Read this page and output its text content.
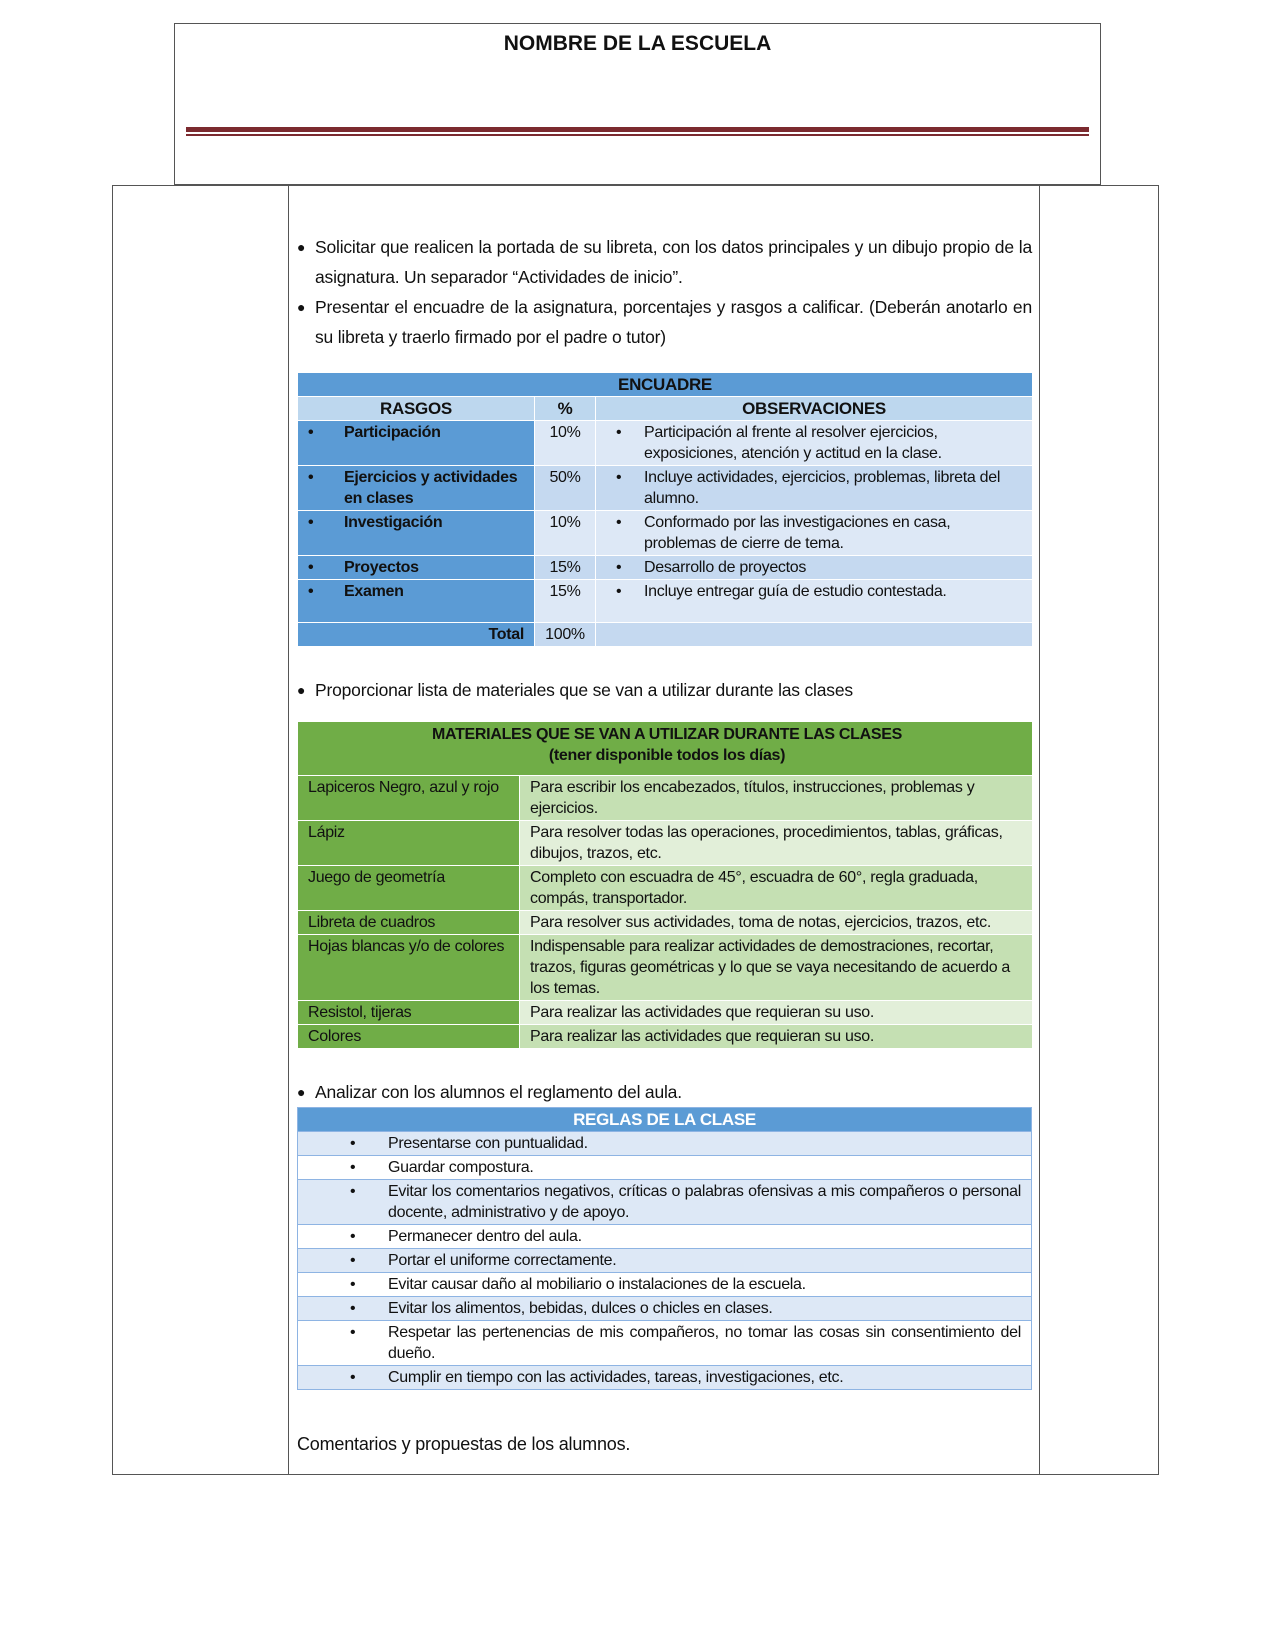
NOMBRE DE LA ESCUELA
● Solicitar que realicen la portada de su libreta, con los datos principales y un dibujo propio de la asignatura. Un separador “Actividades de inicio”.
● Presentar el encuadre de la asignatura, porcentajes y rasgos a calificar. (Deberán anotarlo en su libreta y traerlo firmado por el padre o tutor)
ENCUADRE		
RASGOS	%	OBSERVACIONES

• Participación	10%	• Participación al frente al resolver ejercicios, exposiciones, atención y actitud en la clase.

• Ejercicios y actividades en clases	50%	• Incluye actividades, ejercicios, problemas, libreta del alumno.

• Investigación	10%	• Conformado por las investigaciones en casa, problemas de cierre de tema.

• Proyectos	15%	• Desarrollo de proyectos

• Examen	15%	• Incluye entregar guía de estudio contestada.

Total	100%	
● Proporcionar lista de materiales que se van a utilizar durante las clases
MATERIALES QUE SE VAN A UTILIZAR DURANTE LAS CLASES
(tener disponible todos los días)	

Lapiceros Negro, azul y rojo	Para escribir los encabezados, títulos, instrucciones, problemas y ejercicios.
Lápiz	Para resolver todas las operaciones, procedimientos, tablas, gráficas, dibujos, trazos, etc.
Juego de geometría	Completo con escuadra de 45°, escuadra de 60°, regla graduada, compás, transportador.
Libreta de cuadros	Para resolver sus actividades, toma de notas, ejercicios, trazos, etc.
Hojas blancas y/o de colores	Indispensable para realizar actividades de demostraciones, recortar, trazos, figuras geométricas y lo que se vaya necesitando de acuerdo a los temas.
Resistol, tijeras	Para realizar las actividades que requieran su uso.
Colores	Para realizar las actividades que requieran su uso.
● Analizar con los alumnos el reglamento del aula.
REGLAS DE LA CLASE

•	Presentarse con puntualidad.

•	Guardar compostura.

•	Evitar los comentarios negativos, críticas o palabras ofensivas a mis compañeros o personal docente, administrativo y de apoyo.

•	Permanecer dentro del aula.

•	Portar el uniforme correctamente.

•	Evitar causar daño al mobiliario o instalaciones de la escuela.

•	Evitar los alimentos, bebidas, dulces o chicles en clases.

•	Respetar las pertenencias de mis compañeros, no tomar las cosas sin consentimiento del dueño.

•	Cumplir en tiempo con las actividades, tareas, investigaciones, etc.
Comentarios y propuestas de los alumnos.
